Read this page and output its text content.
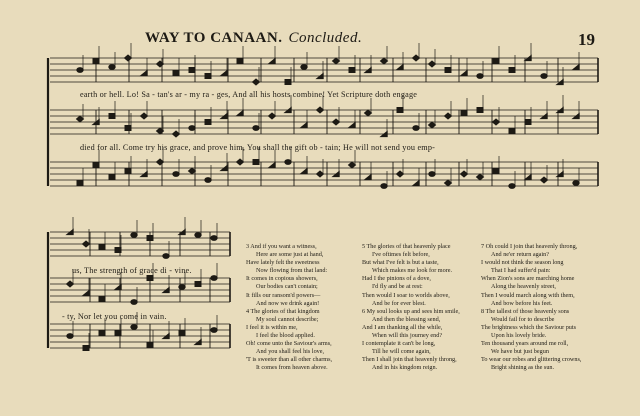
WAY TO CANAAN. Concluded.	19
earth or hell. Lo! Sa - tan's ar - my ra - ges, And all his hosts combine! Yet Scripture doth engage
died for all. Come try his grace, and prove him, You shall the gift ob - tain; He will not send you emp-
us, The strength of grace di - vine.
- ty, Nor let you come in vain.
3 And if you want a witness,
Here are some just at hand,
Have lately felt the sweetness
Now flowing from that land:
It comes in copious showers,
Our bodies can't contain;
It fills our ransom'd powers—
And now we drink again!
4 The glories of that kingdom
My soul cannot describe;
I feel it is within me,
I feel the blood applied.
Oh! come unto the Saviour's arms,
And you shall feel his love,
'T is sweeter than all other charms,
It comes from heaven above.
5 The glories of that heavenly place
I've oftimes felt before,
But what I've felt is but a taste,
Which makes me look for more.
Had I the pinions of a dove,
I'd fly and be at rest:
Then would I soar to worlds above,
And be for ever blest.
6 My soul looks up and sees him smile,
And then the blessing send,
And I am thanking all the while,
When will this journey end?
I contemplate it can't be long,
Till he will come again,
Then I shall join that heavenly throng,
And in his kingdom reign.
7 Oh could I join that heavenly throng,
And ne'er return again?
I would not think the season long
That I had suffer'd pain:
When Zion's sons are marching home
Along the heavenly street,
Then I would march along with them,
And bow before his feet.
8 The tallest of those heavenly sons
Would fail for to describe
The brightness which the Saviour puts
Upon his lovely bride.
Ten thousand years around me roll,
We have but just begun
To wear our robes and glittering crowns,
Bright shining as the sun.
